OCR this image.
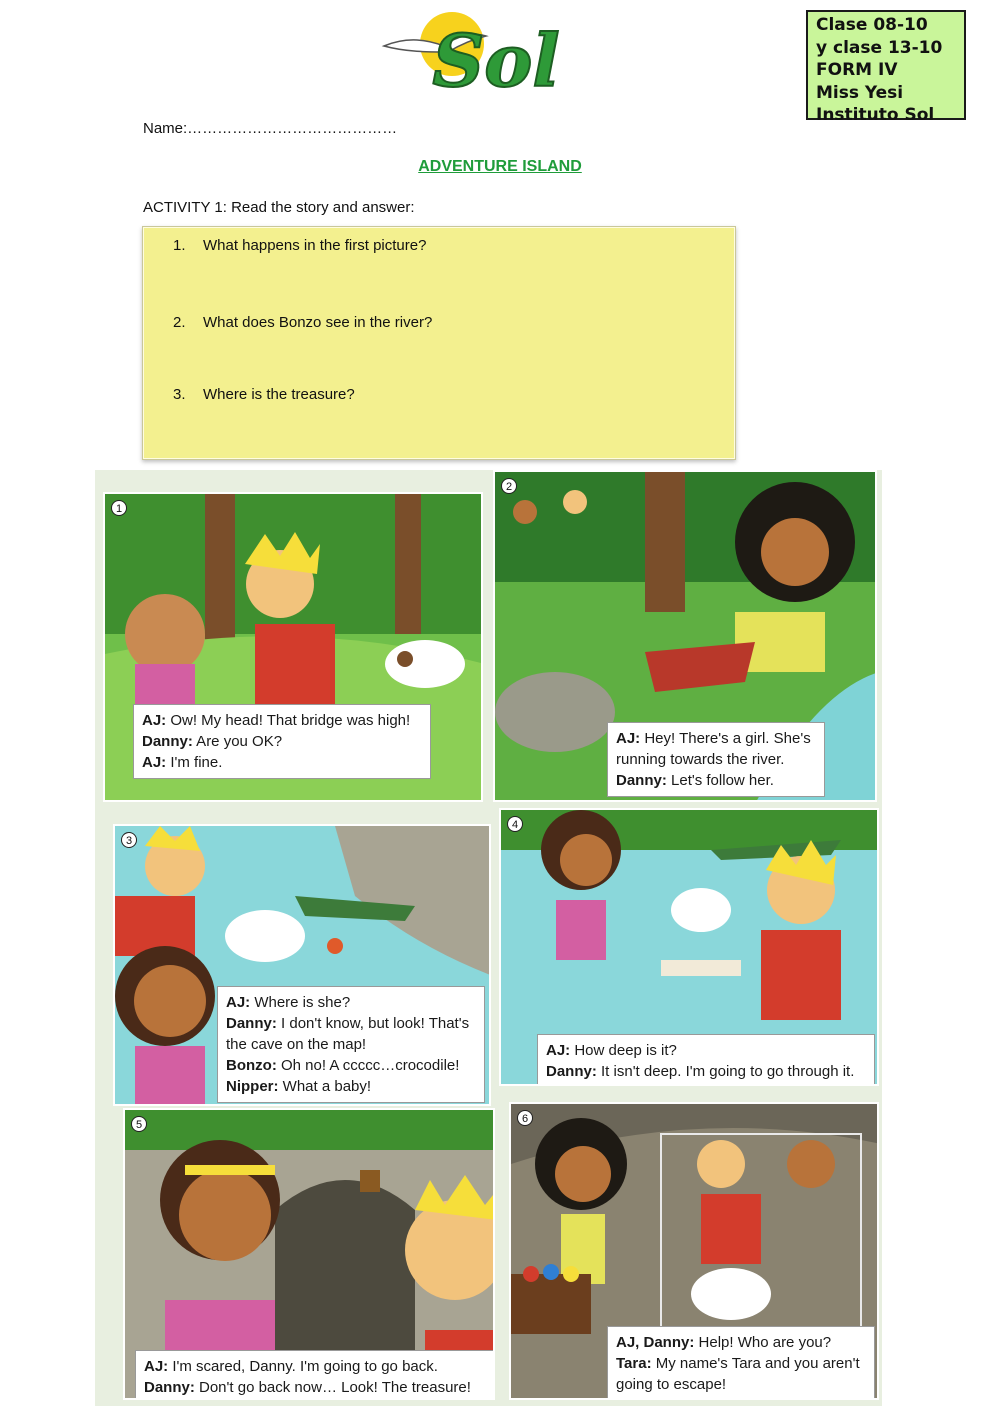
Sol	Clase 08-10
y clase 13-10
FORM IV
Miss Yesi
Instituto Sol
Name:……………………………………
ADVENTURE ISLAND
ACTIVITY 1: Read the story and answer:
1. What happens in the first picture?
2. What does Bonzo see in the river?
3. Where is the treasure?
1
AJ: Ow! My head! That bridge was high!
Danny: Are you OK?
AJ: I'm fine.
2
AJ: Hey! There's a girl. She's
running towards the river.
Danny: Let's follow her.
3
AJ: Where is she?
Danny: I don't know, but look! That's
the cave on the map!
Bonzo: Oh no! A ccccc…crocodile!
Nipper: What a baby!
4
AJ: How deep is it?
Danny: It isn't deep. I'm going to go through it.
5
AJ: I'm scared, Danny. I'm going to go back.
Danny: Don't go back now… Look! The treasure!
6
AJ, Danny: Help! Who are you?
Tara: My name's Tara and you aren't
going to escape!
